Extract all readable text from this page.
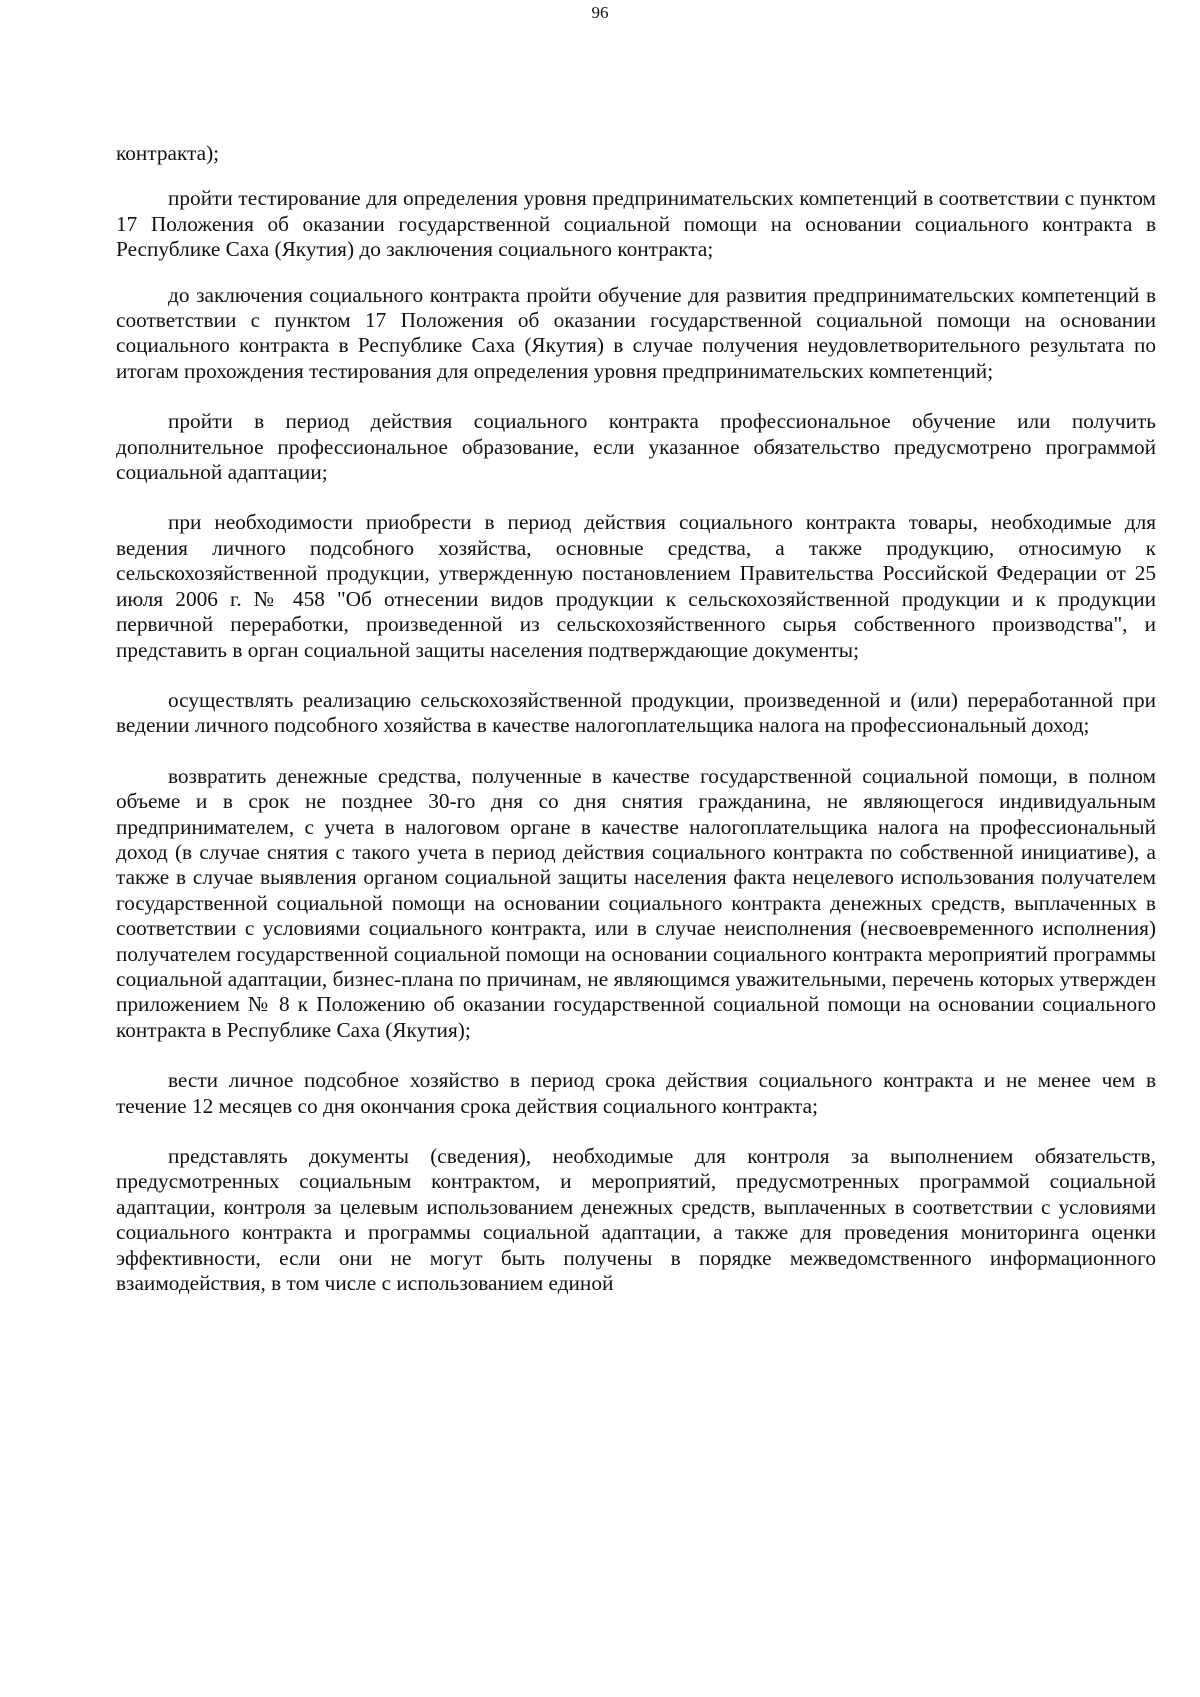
96

контракта);

пройти тестирование для определения уровня предпринимательских компетенций в соответствии с пунктом 17 Положения об оказании государственной социальной помощи на основании социального контракта в Республике Саха (Якутия) до заключения социального контракта;

до заключения социального контракта пройти обучение для развития предпринимательских компетенций в соответствии с пунктом 17 Положения об оказании государственной социальной помощи на основании социального контракта в Республике Саха (Якутия) в случае получения неудовлетворительного результата по итогам прохождения тестирования для определения уровня предпринимательских компетенций;

пройти в период действия социального контракта профессиональное обучение или получить дополнительное профессиональное образование, если указанное обязательство предусмотрено программой социальной адаптации;

при необходимости приобрести в период действия социального контракта товары, необходимые для ведения личного подсобного хозяйства, основные средства, а также продукцию, относимую к сельскохозяйственной продукции, утвержденную постановлением Правительства Российской Федерации от 25 июля 2006 г. № 458 "Об отнесении видов продукции к сельскохозяйственной продукции и к продукции первичной переработки, произведенной из сельскохозяйственного сырья собственного производства", и представить в орган социальной защиты населения подтверждающие документы;

осуществлять реализацию сельскохозяйственной продукции, произведенной и (или) переработанной при ведении личного подсобного хозяйства в качестве налогоплательщика налога на профессиональный доход;

возвратить денежные средства, полученные в качестве государственной социальной помощи, в полном объеме и в срок не позднее 30-го дня со дня снятия гражданина, не являющегося индивидуальным предпринимателем, с учета в налоговом органе в качестве налогоплательщика налога на профессиональный доход (в случае снятия с такого учета в период действия социального контракта по собственной инициативе), а также в случае выявления органом социальной защиты населения факта нецелевого использования получателем государственной социальной помощи на основании социального контракта денежных средств, выплаченных в соответствии с условиями социального контракта, или в случае неисполнения (несвоевременного исполнения) получателем государственной социальной помощи на основании социального контракта мероприятий программы социальной адаптации, бизнес-плана по причинам, не являющимся уважительными, перечень которых утвержден приложением № 8 к Положению об оказании государственной социальной помощи на основании социального контракта в Республике Саха (Якутия);

вести личное подсобное хозяйство в период срока действия социального контракта и не менее чем в течение 12 месяцев со дня окончания срока действия социального контракта;

представлять документы (сведения), необходимые для контроля за выполнением обязательств, предусмотренных социальным контрактом, и мероприятий, предусмотренных программой социальной адаптации, контроля за целевым использованием денежных средств, выплаченных в соответствии с условиями социального контракта и программы социальной адаптации, а также для проведения мониторинга оценки эффективности, если они не могут быть получены в порядке межведомственного информационного взаимодействия, в том числе с использованием единой
